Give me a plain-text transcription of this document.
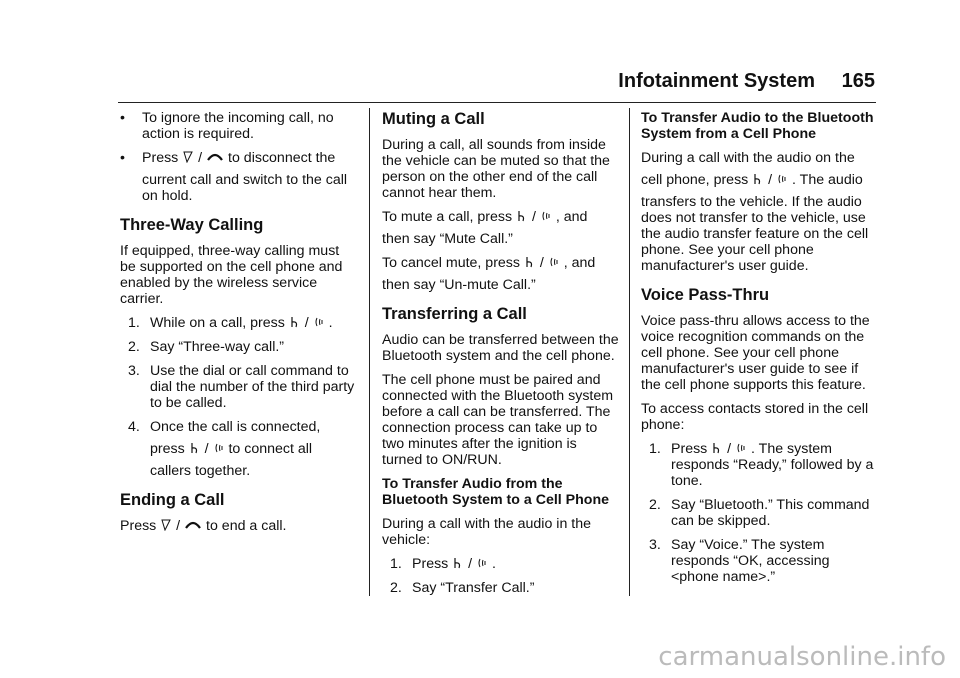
Infotainment System 165
• To ignore the incoming call, no action is required.
• Press / to disconnect the
current call and switch to the call on hold.
Three-Way Calling

If equipped, three-way calling must be supported on the cell phone and enabled by the wireless service carrier.

1. While on a call, press / .
2. Say “Three-way call.”
3. Use the dial or call command to dial the number of the third party to be called.
4. Once the call is connected,
press / to connect all
callers together.
Ending a Call

Press / to end a call.

Muting a Call

During a call, all sounds from inside the vehicle can be muted so that the person on the other end of the call cannot hear them.

To mute a call, press / , and
then say “Mute Call.”

To cancel mute, press / , and
then say “Un-mute Call.”

Transferring a Call

Audio can be transferred between the Bluetooth system and the cell phone.

The cell phone must be paired and connected with the Bluetooth system before a call can be transferred. The connection process can take up to two minutes after the ignition is turned to ON/RUN.

To Transfer Audio from the Bluetooth System to a Cell Phone

During a call with the audio in the vehicle:

1. Press / .
2. Say “Transfer Call.”
To Transfer Audio to the Bluetooth System from a Cell Phone

During a call with the audio on the
cell phone, press / . The audio
transfers to the vehicle. If the audio does not transfer to the vehicle, use the audio transfer feature on the cell phone. See your cell phone manufacturer's user guide.

Voice Pass-Thru

Voice pass-thru allows access to the voice recognition commands on the cell phone. See your cell phone manufacturer's user guide to see if the cell phone supports this feature.

To access contacts stored in the cell phone:

1. Press / . The system
responds “Ready,” followed by a tone.
2. Say “Bluetooth.” This command can be skipped.
3. Say “Voice.” The system responds “OK, accessing <phone name>.”
carmanualsonline.info
